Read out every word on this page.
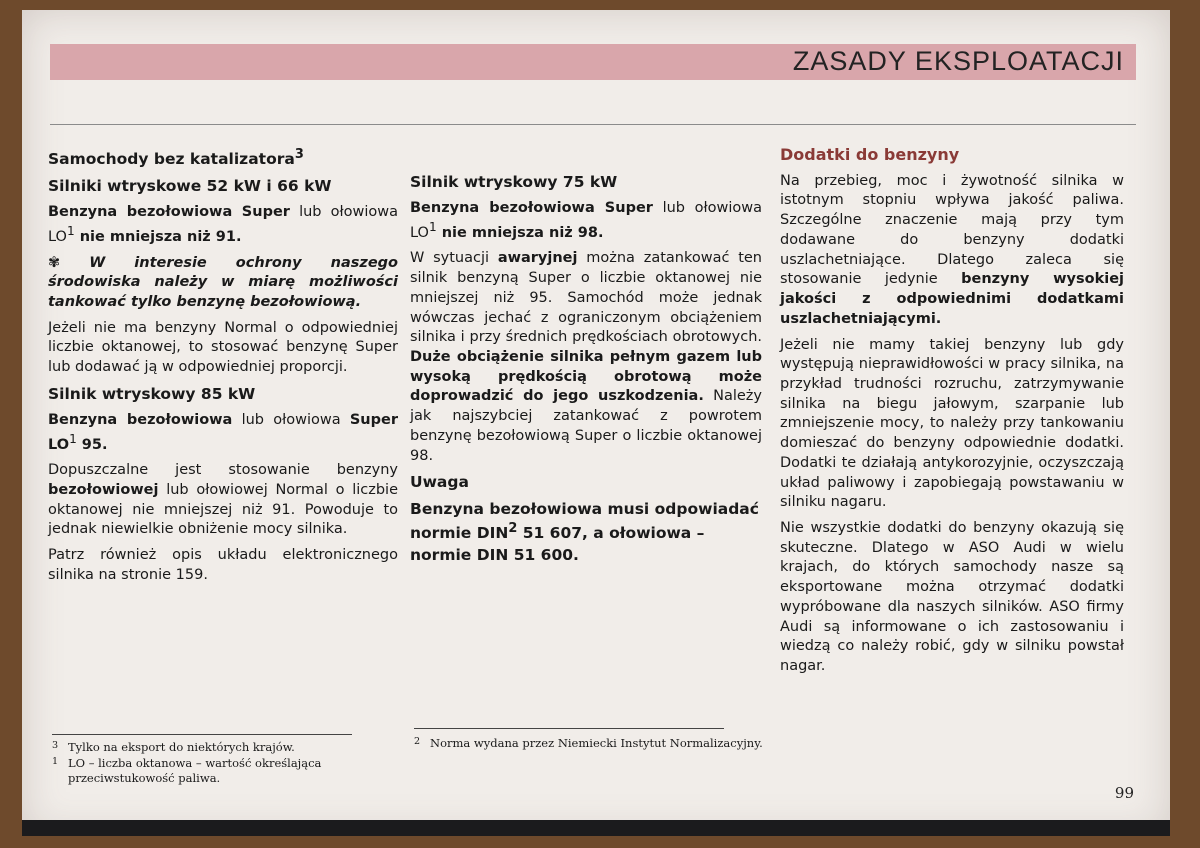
ZASADY EKSPLOATACJI
Samochody bez katalizatora$^3$
Silniki wtryskowe 52 kW i 66 kW

Benzyna bezołowiowa Super lub ołowiowa $LO^1$ nie mniejsza niż 91.

✾ W interesie ochrony naszego środowiska należy w miarę możliwości tankować tylko benzynę bezołowiową.

Jeżeli nie ma benzyny Normal o odpowiedniej liczbie oktanowej, to stosować benzynę Super lub dodawać ją w odpowiedniej proporcji.

Silnik wtryskowy 85 kW

Benzyna bezołowiowa lub ołowiowa Super $LO^1$ 95.

Dopuszczalne jest stosowanie benzyny bezołowiowej lub ołowiowej Normal o liczbie oktanowej nie mniejszej niż 91. Powoduje to jednak niewielkie obniżenie mocy silnika.

Patrz również opis układu elektronicznego silnika na stronie 159.

Silnik wtryskowy 75 kW

Benzyna bezołowiowa Super lub ołowiowa $LO^1$ nie mniejsza niż 98.

W sytuacji awaryjnej można zatankować ten silnik benzyną Super o liczbie oktanowej nie mniejszej niż 95. Samochód może jednak wówczas jechać z ograniczonym obciążeniem silnika i przy średnich prędkościach obrotowych. Duże obciążenie silnika pełnym gazem lub wysoką prędkością obrotową może doprowadzić do jego uszkodzenia. Należy jak najszybciej zatankować z powrotem benzynę bezołowiową Super o liczbie oktanowej 98.

Uwaga

Benzyna bezołowiowa musi odpowiadać normie DIN$^2$ 51 607, a ołowiowa – normie DIN 51 600.

Dodatki do benzyny

Na przebieg, moc i żywotność silnika w istotnym stopniu wpływa jakość paliwa. Szczególne znaczenie mają przy tym dodawane do benzyny dodatki uszlachetniające. Dlatego zaleca się stosowanie jedynie benzyny wysokiej jakości z odpowiednimi dodatkami uszlachetniającymi.

Jeżeli nie mamy takiej benzyny lub gdy występują nieprawidłowości w pracy silnika, na przykład trudności rozruchu, zatrzymywanie silnika na biegu jałowym, szarpanie lub zmniejszenie mocy, to należy przy tankowaniu domieszać do benzyny odpowiednie dodatki. Dodatki te działają antykorozyjnie, oczyszczają układ paliwowy i zapobiegają powstawaniu w silniku nagaru.

Nie wszystkie dodatki do benzyny okazują się skuteczne. Dlatego w ASO Audi w wielu krajach, do których samochody nasze są eksportowane można otrzymać dodatki wypróbowane dla naszych silników. ASO firmy Audi są informowane o ich zastosowaniu i wiedzą co należy robić, gdy w silniku powstał nagar.

3 Tylko na eksport do niektórych krajów.
1 LO – liczba oktanowa – wartość określająca przeciwstukowość paliwa.
2 Norma wydana przez Niemiecki Instytut Normalizacyjny.
99
